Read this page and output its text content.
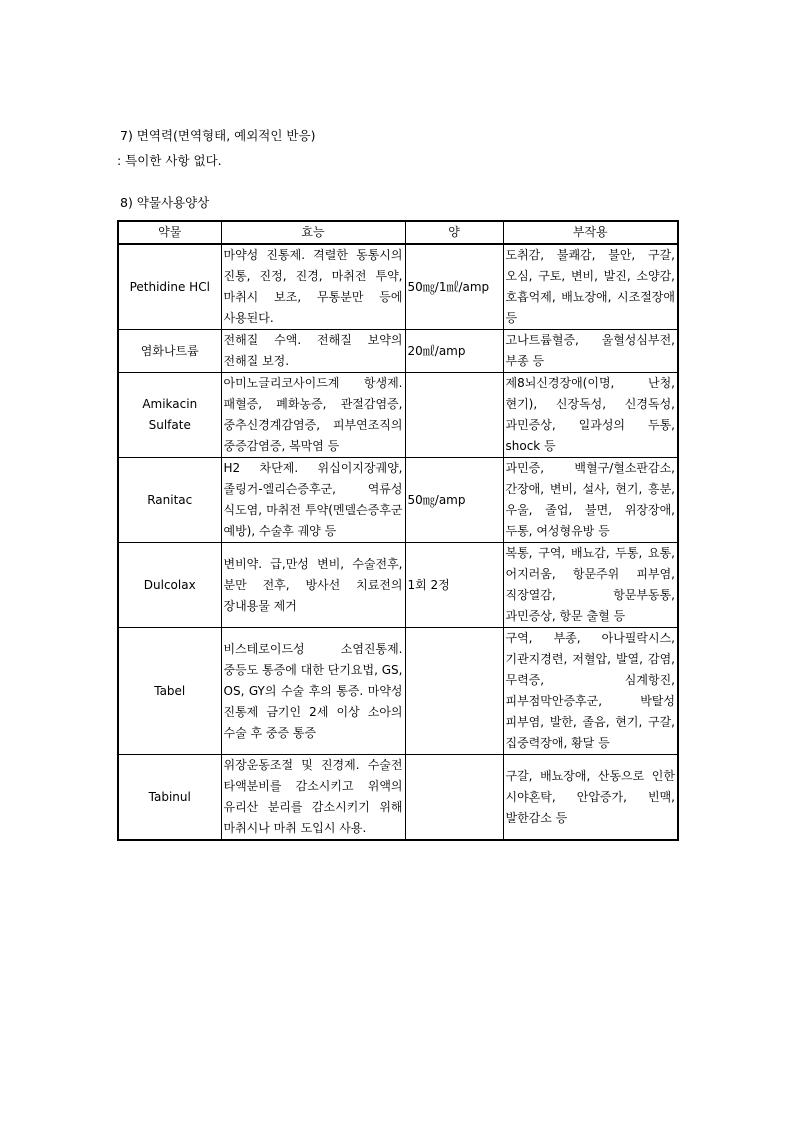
7) 면역력(면역형태, 예외적인 반응)
: 특이한 사항 없다.
8) 약물사용양상
약물	효능	양	부작용
Pethidine HCl	마약성 진통제. 격렬한 동통시의 진통, 진정, 진경, 마취전 투약, 마취시 보조, 무통분만 등에 사용된다.	50㎎/1㎖/amp	도취감, 불쾌감, 불안, 구갈, 오심, 구토, 변비, 발진, 소양감, 호흡억제, 배뇨장애, 시조절장애 등
염화나트륨	전해질 수액. 전해질 보약의 전해질 보정.	20㎖/amp	고나트륨혈증, 울혈성심부전, 부종 등
Amikacin Sulfate	아미노글리코사이드계 항생제. 패혈증, 폐화농증, 관절감염증, 중추신경계감염증, 피부연조직의 중증감염증, 복막염 등		제8뇌신경장애(이명, 난청, 현기), 신장독성, 신경독성, 과민증상, 일과성의 두통, shock 등
Ranitac	H2 차단제. 위십이지장궤양, 졸링거-엘리슨증후군, 역류성 식도염, 마취전 투약(멘델슨증후군 예방), 수술후 궤양 등	50㎎/amp	과민증, 백혈구/혈소판감소, 간장애, 변비, 설사, 현기, 흥분, 우울, 졸업, 불면, 위장장애, 두통, 여성형유방 등
Dulcolax	변비약. 급,만성 변비, 수술전후, 분만 전후, 방사선 치료전의 장내용물 제거	1회 2정	복통, 구역, 배뇨감, 두통, 요통, 어지러움, 항문주위 피부염, 직장열감, 항문부동통, 과민증상, 항문 출혈 등
Tabel	비스테로이드성 소염진통제. 중등도 통증에 대한 단기요법, GS, OS, GY의 수술 후의 통증. 마약성 진통제 금기인 2세 이상 소아의 수술 후 중증 통증		구역, 부종, 아나필락시스, 기관지경련, 저혈압, 발열, 감염, 무력증, 심계항진, 피부점막안증후군, 박탈성 피부염, 발한, 졸음, 현기, 구갈, 집중력장애, 황달 등
Tabinul	위장운동조절 및 진경제. 수술전 타액분비를 감소시키고 위액의 유리산 분리를 감소시키기 위해 마취시나 마취 도입시 사용.		구갈, 배뇨장애, 산동으로 인한 시야혼탁, 안압증가, 빈맥, 발한감소 등
